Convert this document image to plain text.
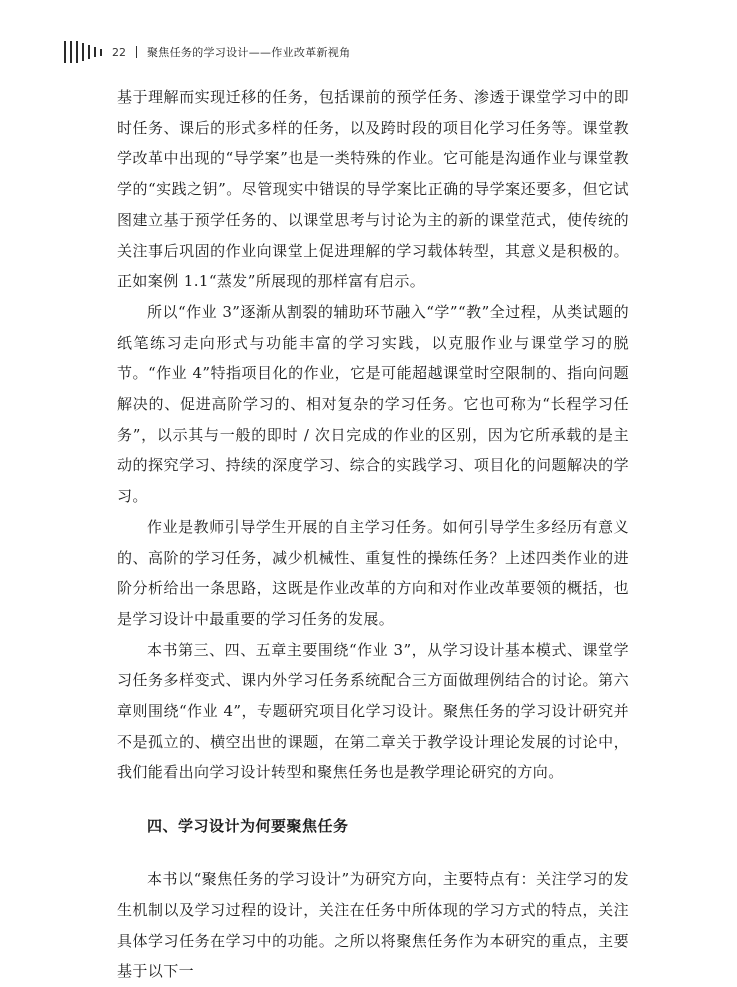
22 聚焦任务的学习设计——作业改革新视角

基于理解而实现迁移的任务，包括课前的预学任务、渗透于课堂学习中的即时任务、课后的形式多样的任务，以及跨时段的项目化学习任务等。课堂教学改革中出现的“导学案”也是一类特殊的作业。它可能是沟通作业与课堂教学的“实践之钥”。尽管现实中错误的导学案比正确的导学案还要多，但它试图建立基于预学任务的、以课堂思考与讨论为主的新的课堂范式，使传统的关注事后巩固的作业向课堂上促进理解的学习载体转型，其意义是积极的。正如案例 1.1“蒸发”所展现的那样富有启示。

所以“作业 3”逐渐从割裂的辅助环节融入“学”“教”全过程，从类试题的纸笔练习走向形式与功能丰富的学习实践，以克服作业与课堂学习的脱节。“作业 4”特指项目化的作业，它是可能超越课堂时空限制的、指向问题解决的、促进高阶学习的、相对复杂的学习任务。它也可称为“长程学习任务”，以示其与一般的即时 / 次日完成的作业的区别，因为它所承载的是主动的探究学习、持续的深度学习、综合的实践学习、项目化的问题解决的学习。

作业是教师引导学生开展的自主学习任务。如何引导学生多经历有意义的、高阶的学习任务，减少机械性、重复性的操练任务？上述四类作业的进阶分析给出一条思路，这既是作业改革的方向和对作业改革要领的概括，也是学习设计中最重要的学习任务的发展。

本书第三、四、五章主要围绕“作业 3”，从学习设计基本模式、课堂学习任务多样变式、课内外学习任务系统配合三方面做理例结合的讨论。第六章则围绕“作业 4”，专题研究项目化学习设计。聚焦任务的学习设计研究并不是孤立的、横空出世的课题，在第二章关于教学设计理论发展的讨论中，我们能看出向学习设计转型和聚焦任务也是教学理论研究的方向。

四、学习设计为何要聚焦任务

本书以“聚焦任务的学习设计”为研究方向，主要特点有：关注学习的发生机制以及学习过程的设计，关注在任务中所体现的学习方式的特点，关注具体学习任务在学习中的功能。之所以将聚焦任务作为本研究的重点，主要基于以下一
